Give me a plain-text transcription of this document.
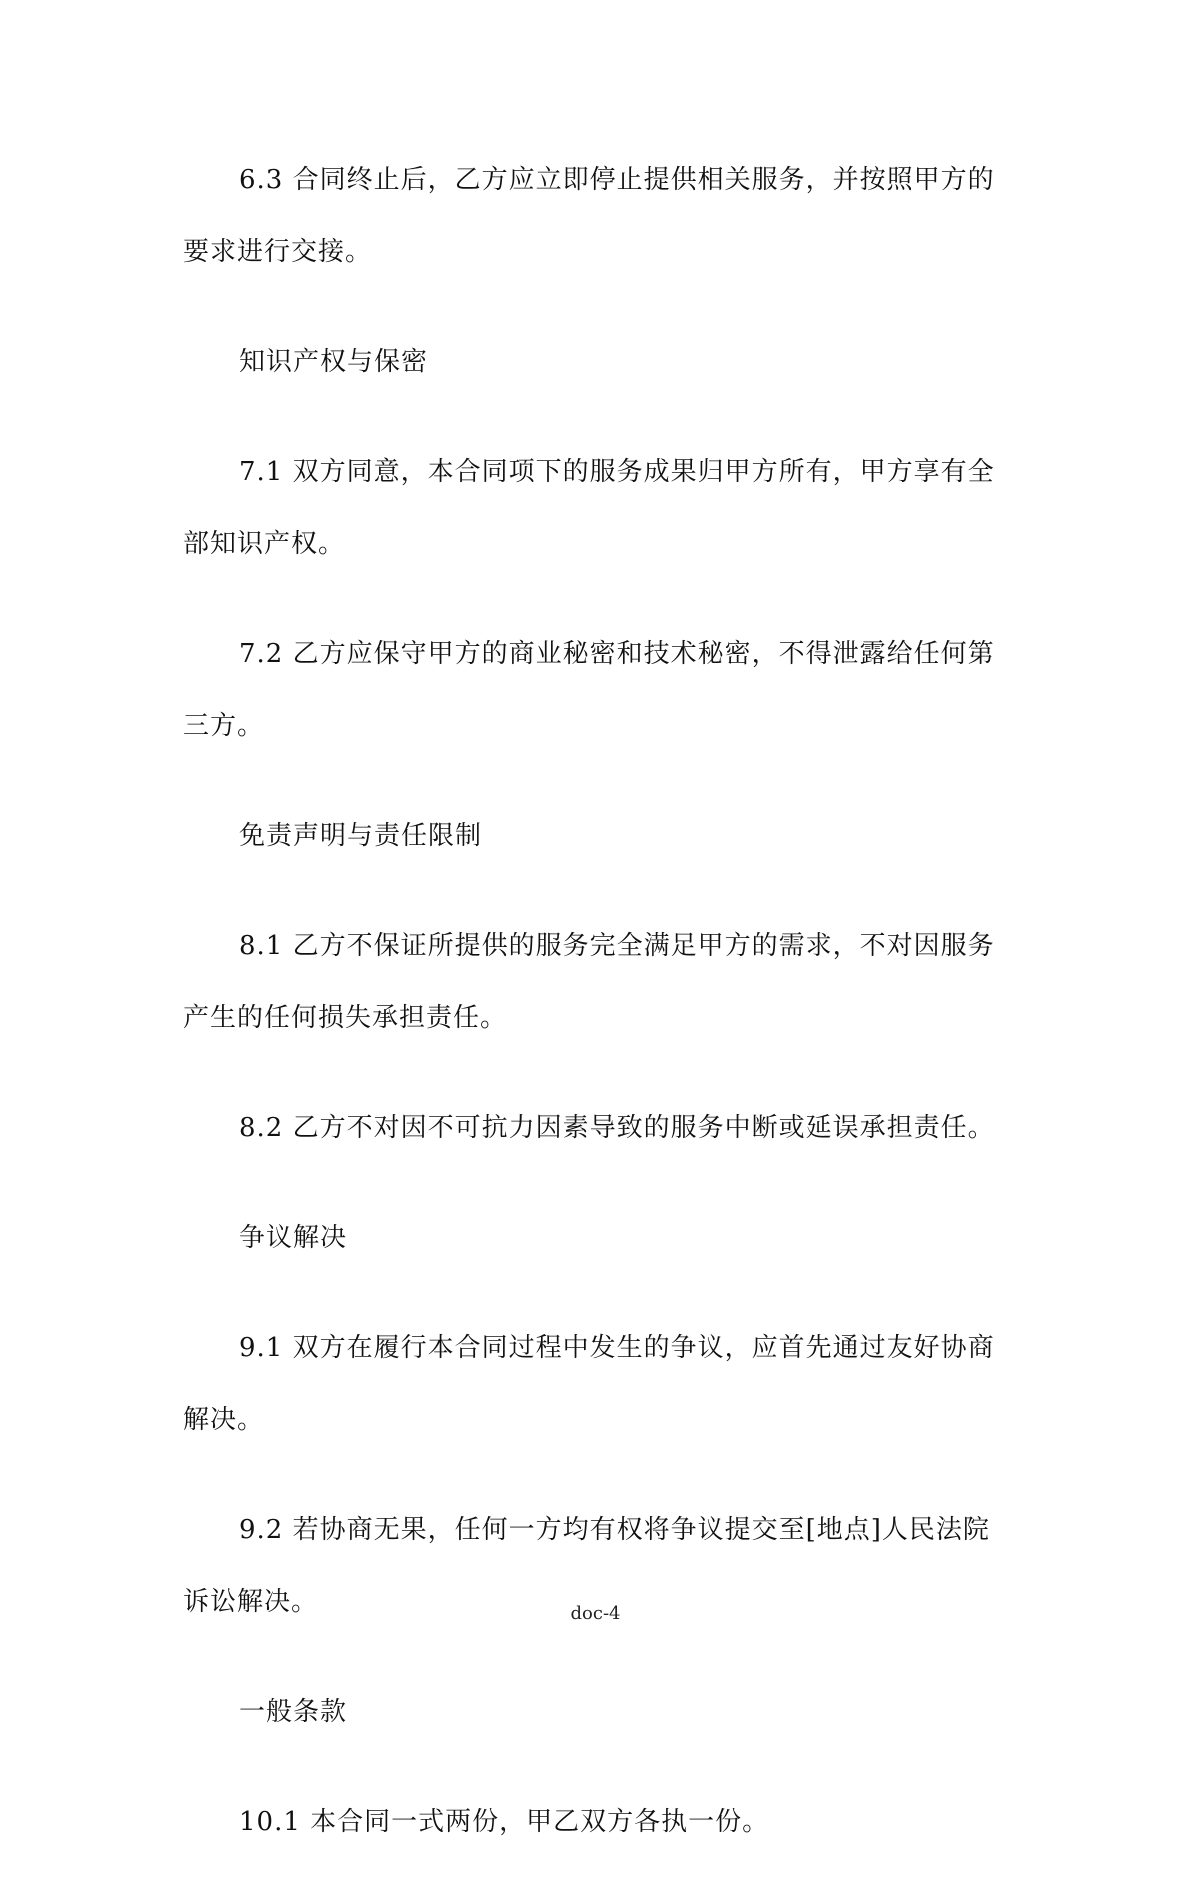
6.3 合同终止后，乙方应立即停止提供相关服务，并按照甲方的要求进行交接。

知识产权与保密

7.1 双方同意，本合同项下的服务成果归甲方所有，甲方享有全部知识产权。

7.2 乙方应保守甲方的商业秘密和技术秘密，不得泄露给任何第三方。

免责声明与责任限制

8.1 乙方不保证所提供的服务完全满足甲方的需求，不对因服务产生的任何损失承担责任。

8.2 乙方不对因不可抗力因素导致的服务中断或延误承担责任。

争议解决

9.1 双方在履行本合同过程中发生的争议，应首先通过友好协商解决。

9.2 若协商无果，任何一方均有权将争议提交至[地点]人民法院诉讼解决。

一般条款

10.1 本合同一式两份，甲乙双方各执一份。

doc-4
